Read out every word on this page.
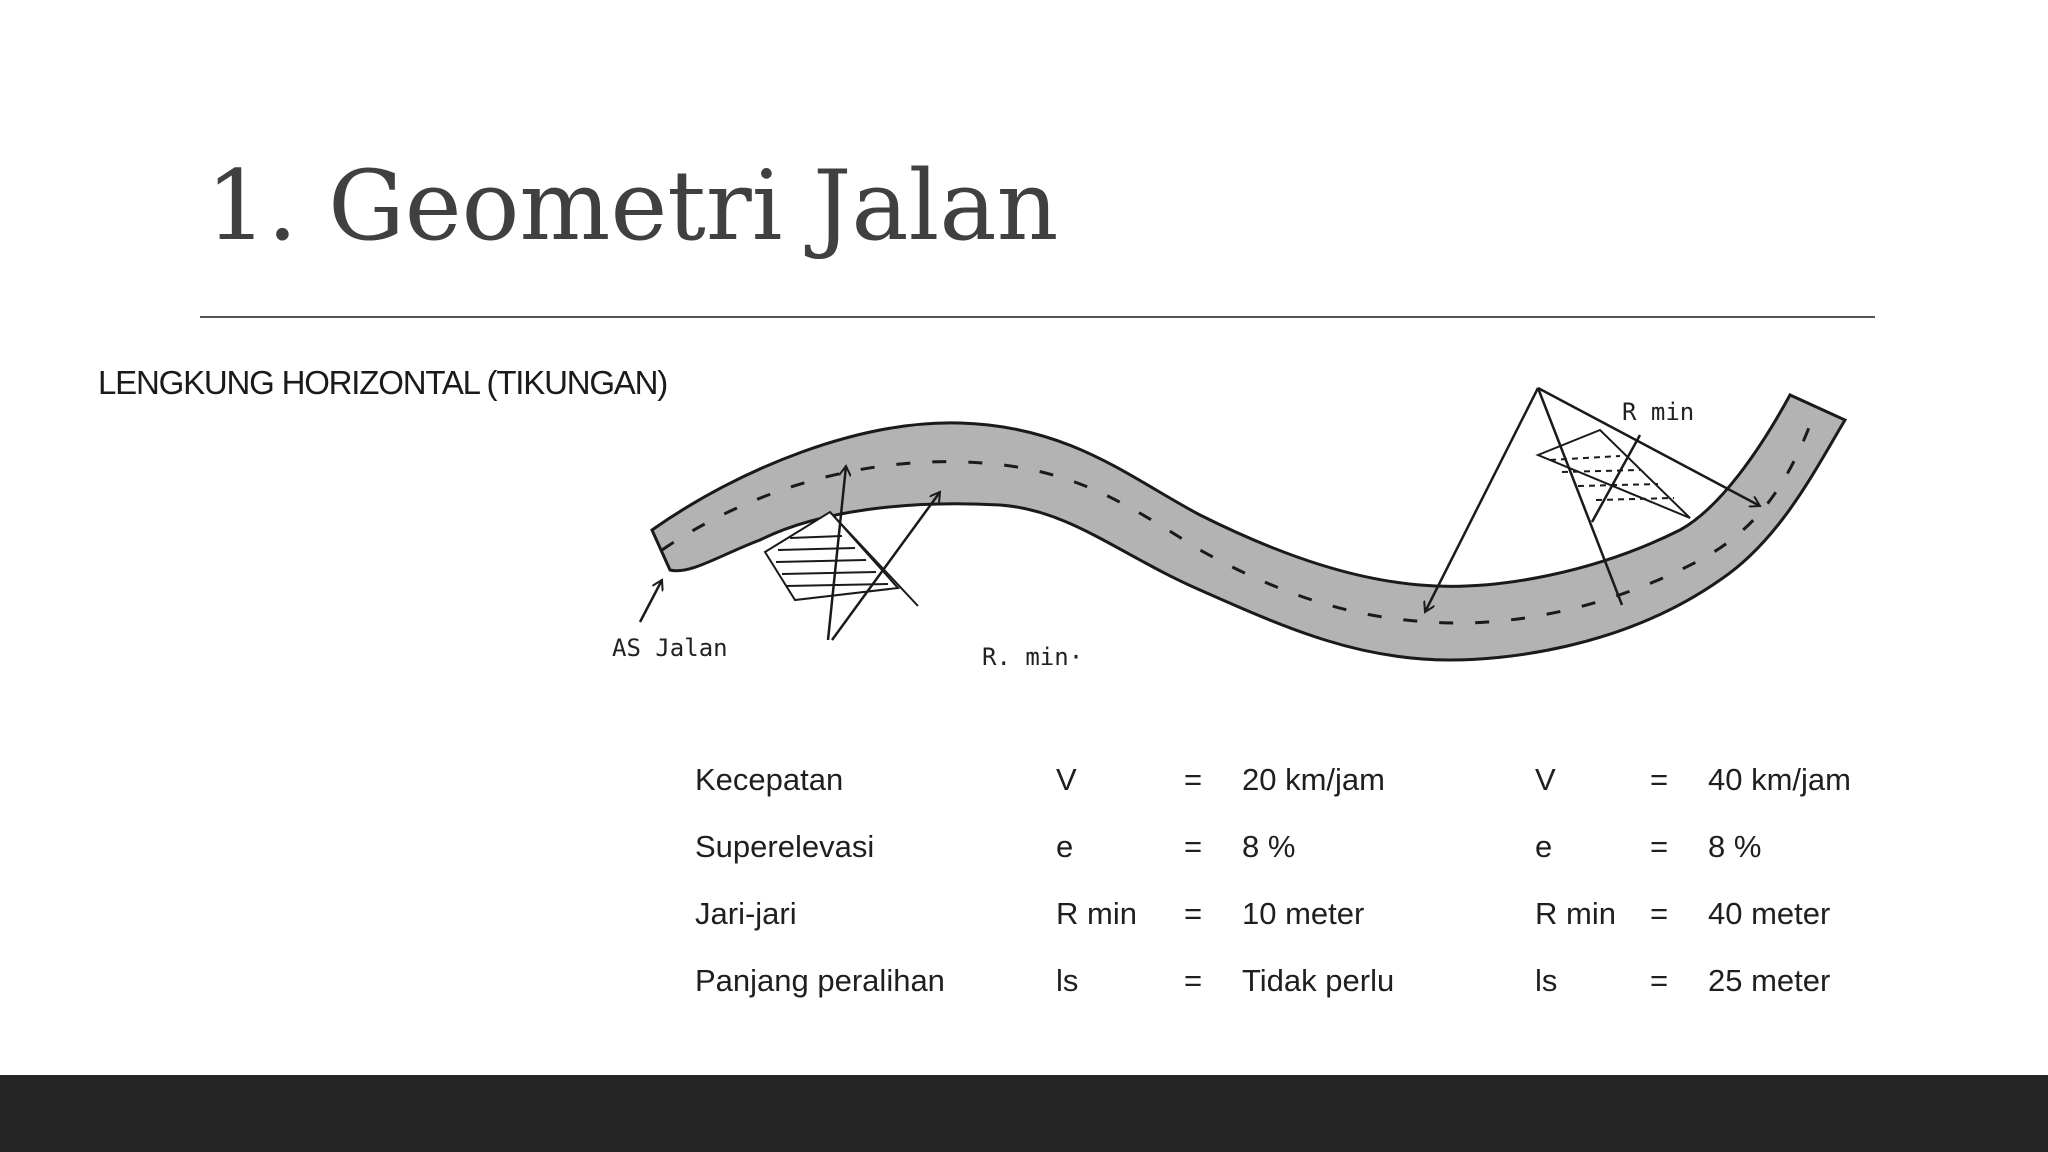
1. Geometri Jalan
LENGKUNG HORIZONTAL (TIKUNGAN)
AS Jalan	R. min·
R min
Kecepatan	V	= 20 km/jam	V	= 40 km/jam
Superelevasi	e	= 8 %	e	= 8 %
Jari-jari	R min = 10 meter	R min = 40 meter
Panjang peralihan	ls	= Tidak perlu	ls	= 25 meter
